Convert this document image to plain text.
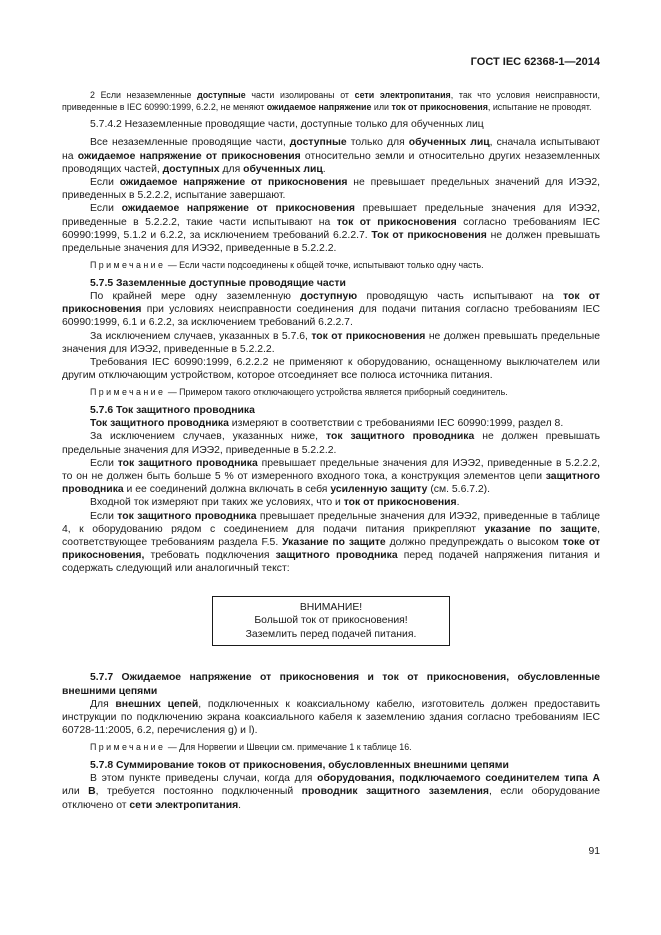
ГОСТ IEC 62368-1—2014

2 Если незаземленные доступные части изолированы от сети электропитания, так что условия неисправности, приведенные в IEC 60990:1999, 6.2.2, не меняют ожидаемое напряжение или ток от прикосновения, испытание не проводят.

5.7.4.2 Незаземленные проводящие части, доступные только для обученных лиц

Все незаземленные проводящие части, доступные только для обученных лиц, сначала испытывают на ожидаемое напряжение от прикосновения относительно земли и относительно других незаземленных проводящих частей, доступных для обученных лиц.

Если ожидаемое напряжение от прикосновения не превышает предельных значений для ИЭЭ2, приведенных в 5.2.2.2, испытание завершают.

Если ожидаемое напряжение от прикосновения превышает предельные значения для ИЭЭ2, приведенные в 5.2.2.2, такие части испытывают на ток от прикосновения согласно требованиям IEC 60990:1999, 5.1.2 и 6.2.2, за исключением требований 6.2.2.7. Ток от прикосновения не должен превышать предельные значения для ИЭЭ2, приведенные в 5.2.2.2.

Примечание — Если части подсоединены к общей точке, испытывают только одну часть.

5.7.5 Заземленные доступные проводящие части

По крайней мере одну заземленную доступную проводящую часть испытывают на ток от прикосновения при условиях неисправности соединения для подачи питания согласно требованиям IEC 60990:1999, 6.1 и 6.2.2, за исключением требований 6.2.2.7.

За исключением случаев, указанных в 5.7.6, ток от прикосновения не должен превышать предельные значения для ИЭЭ2, приведенные в 5.2.2.2.

Требования IEC 60990:1999, 6.2.2.2 не применяют к оборудованию, оснащенному выключателем или другим отключающим устройством, которое отсоединяет все полюса источника питания.

Примечание — Примером такого отключающего устройства является приборный соединитель.

5.7.6 Ток защитного проводника

Ток защитного проводника измеряют в соответствии с требованиями IEC 60990:1999, раздел 8.

За исключением случаев, указанных ниже, ток защитного проводника не должен превышать предельные значения для ИЭЭ2, приведенные в 5.2.2.2.

Если ток защитного проводника превышает предельные значения для ИЭЭ2, приведенные в 5.2.2.2, то он не должен быть больше 5 % от измеренного входного тока, а конструкция элементов цепи защитного проводника и ее соединений должна включать в себя усиленную защиту (см. 5.6.7.2).

Входной ток измеряют при таких же условиях, что и ток от прикосновения.

Если ток защитного проводника превышает предельные значения для ИЭЭ2, приведенные в таблице 4, к оборудованию рядом с соединением для подачи питания прикрепляют указание по защите, соответствующее требованиям раздела F.5. Указание по защите должно предупреждать о высоком токе от прикосновения, требовать подключения защитного проводника перед подачей напряжения питания и содержать следующий или аналогичный текст:

ВНИМАНИЕ!
Большой ток от прикосновения!
Заземлить перед подачей питания.

5.7.7 Ожидаемое напряжение от прикосновения и ток от прикосновения, обусловленные внешними цепями

Для внешних цепей, подключенных к коаксиальному кабелю, изготовитель должен предоставить инструкции по подключению экрана коаксиального кабеля к заземлению здания согласно требованиям IEC 60728-11:2005, 6.2, перечисления g) и l).

Примечание — Для Норвегии и Швеции см. примечание 1 к таблице 16.

5.7.8 Суммирование токов от прикосновения, обусловленных внешними цепями

В этом пункте приведены случаи, когда для оборудования, подключаемого соединителем типа А или В, требуется постоянно подключенный проводник защитного заземления, если оборудование отключено от сети электропитания.

91
